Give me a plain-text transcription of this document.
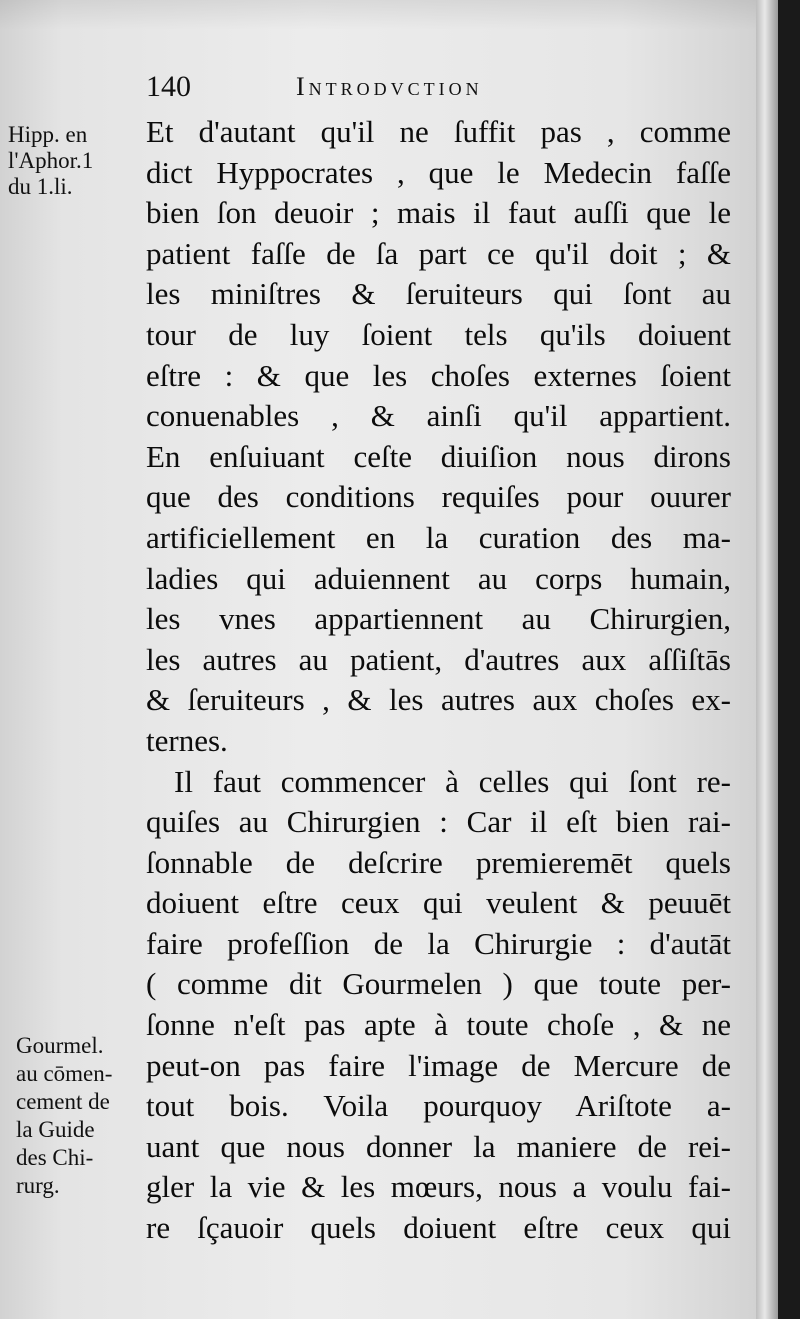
140	Introdvction
Hipp. en
l'Aphor.1
du 1.li.
Gourmel.
au cōmen-
cement de
la Guide
des Chi-
rurg.
Et d'autant qu'il ne ſuffit pas , comme
dict Hyppocrates , que le Medecin faſſe
bien ſon deuoir ; mais il faut auſſi que le
patient faſſe de ſa part ce qu'il doit ; &
les miniſtres & ſeruiteurs qui ſont au
tour de luy ſoient tels qu'ils doiuent
eſtre : & que les choſes externes ſoient
conuenables , & ainſi qu'il appartient.
En enſuiuant ceſte diuiſion nous dirons
que des conditions requiſes pour ouurer
artificiellement en la curation des ma-
ladies qui aduiennent au corps humain,
les vnes appartiennent au Chirurgien,
les autres au patient, d'autres aux aſſiſtās
& ſeruiteurs , & les autres aux choſes ex-
ternes.
Il faut commencer à celles qui ſont re-
quiſes au Chirurgien : Car il eſt bien rai-
ſonnable de deſcrire premieremēt quels
doiuent eſtre ceux qui veulent & peuuēt
faire profeſſion de la Chirurgie : d'autāt
( comme dit Gourmelen ) que toute per-
ſonne n'eſt pas apte à toute choſe , & ne
peut-on pas faire l'image de Mercure de
tout bois. Voila pourquoy Ariſtote a-
uant que nous donner la maniere de rei-
gler la vie & les mœurs, nous a voulu fai-
re ſçauoir quels doiuent eſtre ceux qui
